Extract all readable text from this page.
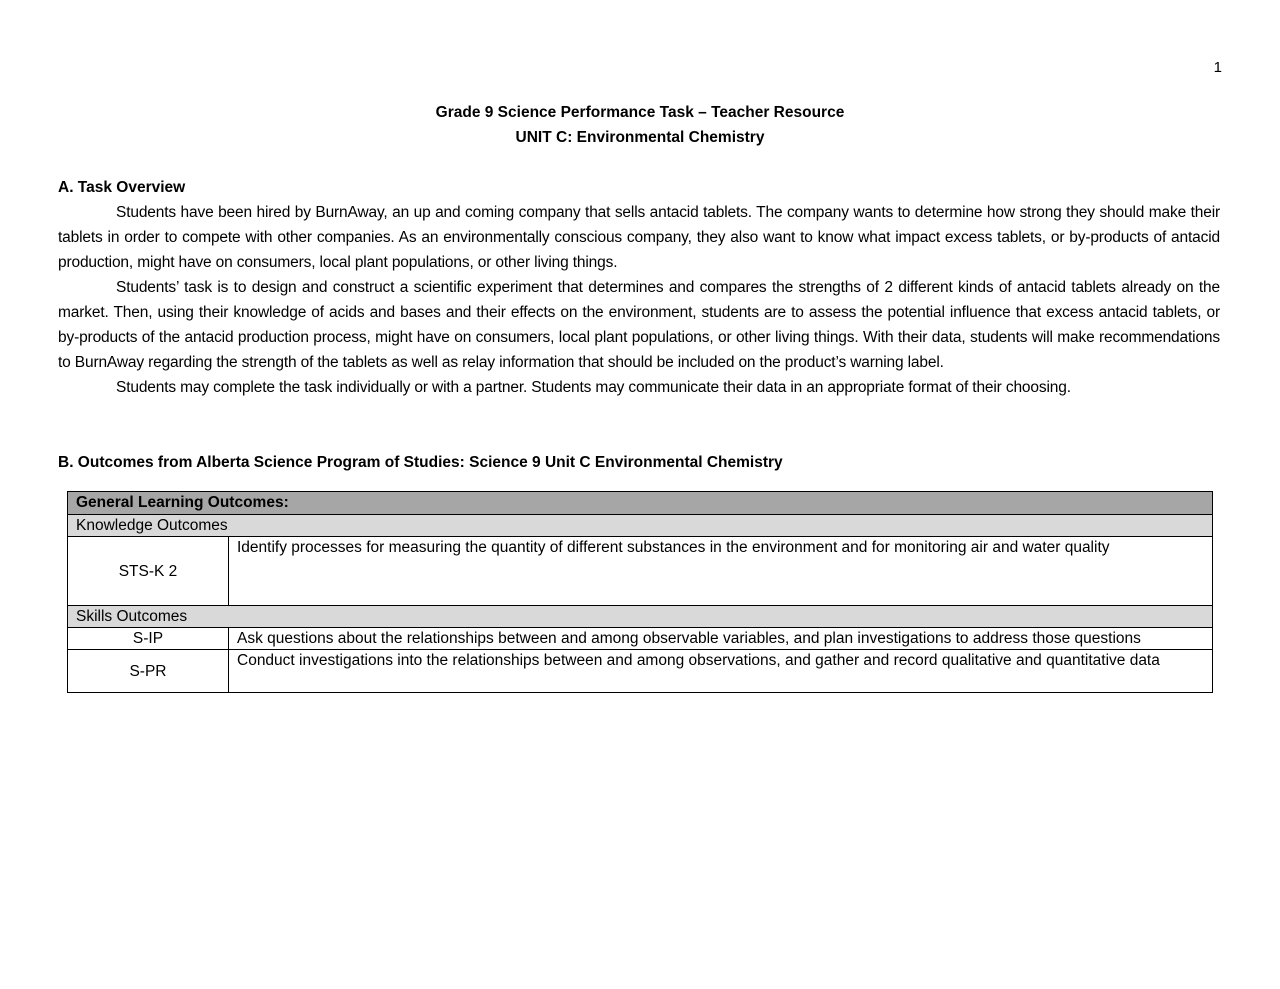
1
Grade 9 Science Performance Task – Teacher Resource
UNIT C: Environmental Chemistry
A. Task Overview

Students have been hired by BurnAway, an up and coming company that sells antacid tablets. The company wants to determine how strong they should make their tablets in order to compete with other companies. As an environmentally conscious company, they also want to know what impact excess tablets, or by-products of antacid production, might have on consumers, local plant populations, or other living things.

Students’ task is to design and construct a scientific experiment that determines and compares the strengths of 2 different kinds of antacid tablets already on the market. Then, using their knowledge of acids and bases and their effects on the environment, students are to assess the potential influence that excess antacid tablets, or by-products of the antacid production process, might have on consumers, local plant populations, or other living things. With their data, students will make recommendations to BurnAway regarding the strength of the tablets as well as relay information that should be included on the product’s warning label.

Students may complete the task individually or with a partner. Students may communicate their data in an appropriate format of their choosing.

B. Outcomes from Alberta Science Program of Studies: Science 9 Unit C Environmental Chemistry
General Learning Outcomes:	
Knowledge Outcomes	
STS-K 2	Identify processes for measuring the quantity of different substances in the environment and for monitoring air and water quality
Skills Outcomes	
S-IP	Ask questions about the relationships between and among observable variables, and plan investigations to address those questions
S-PR	Conduct investigations into the relationships between and among observations, and gather and record qualitative and quantitative data
